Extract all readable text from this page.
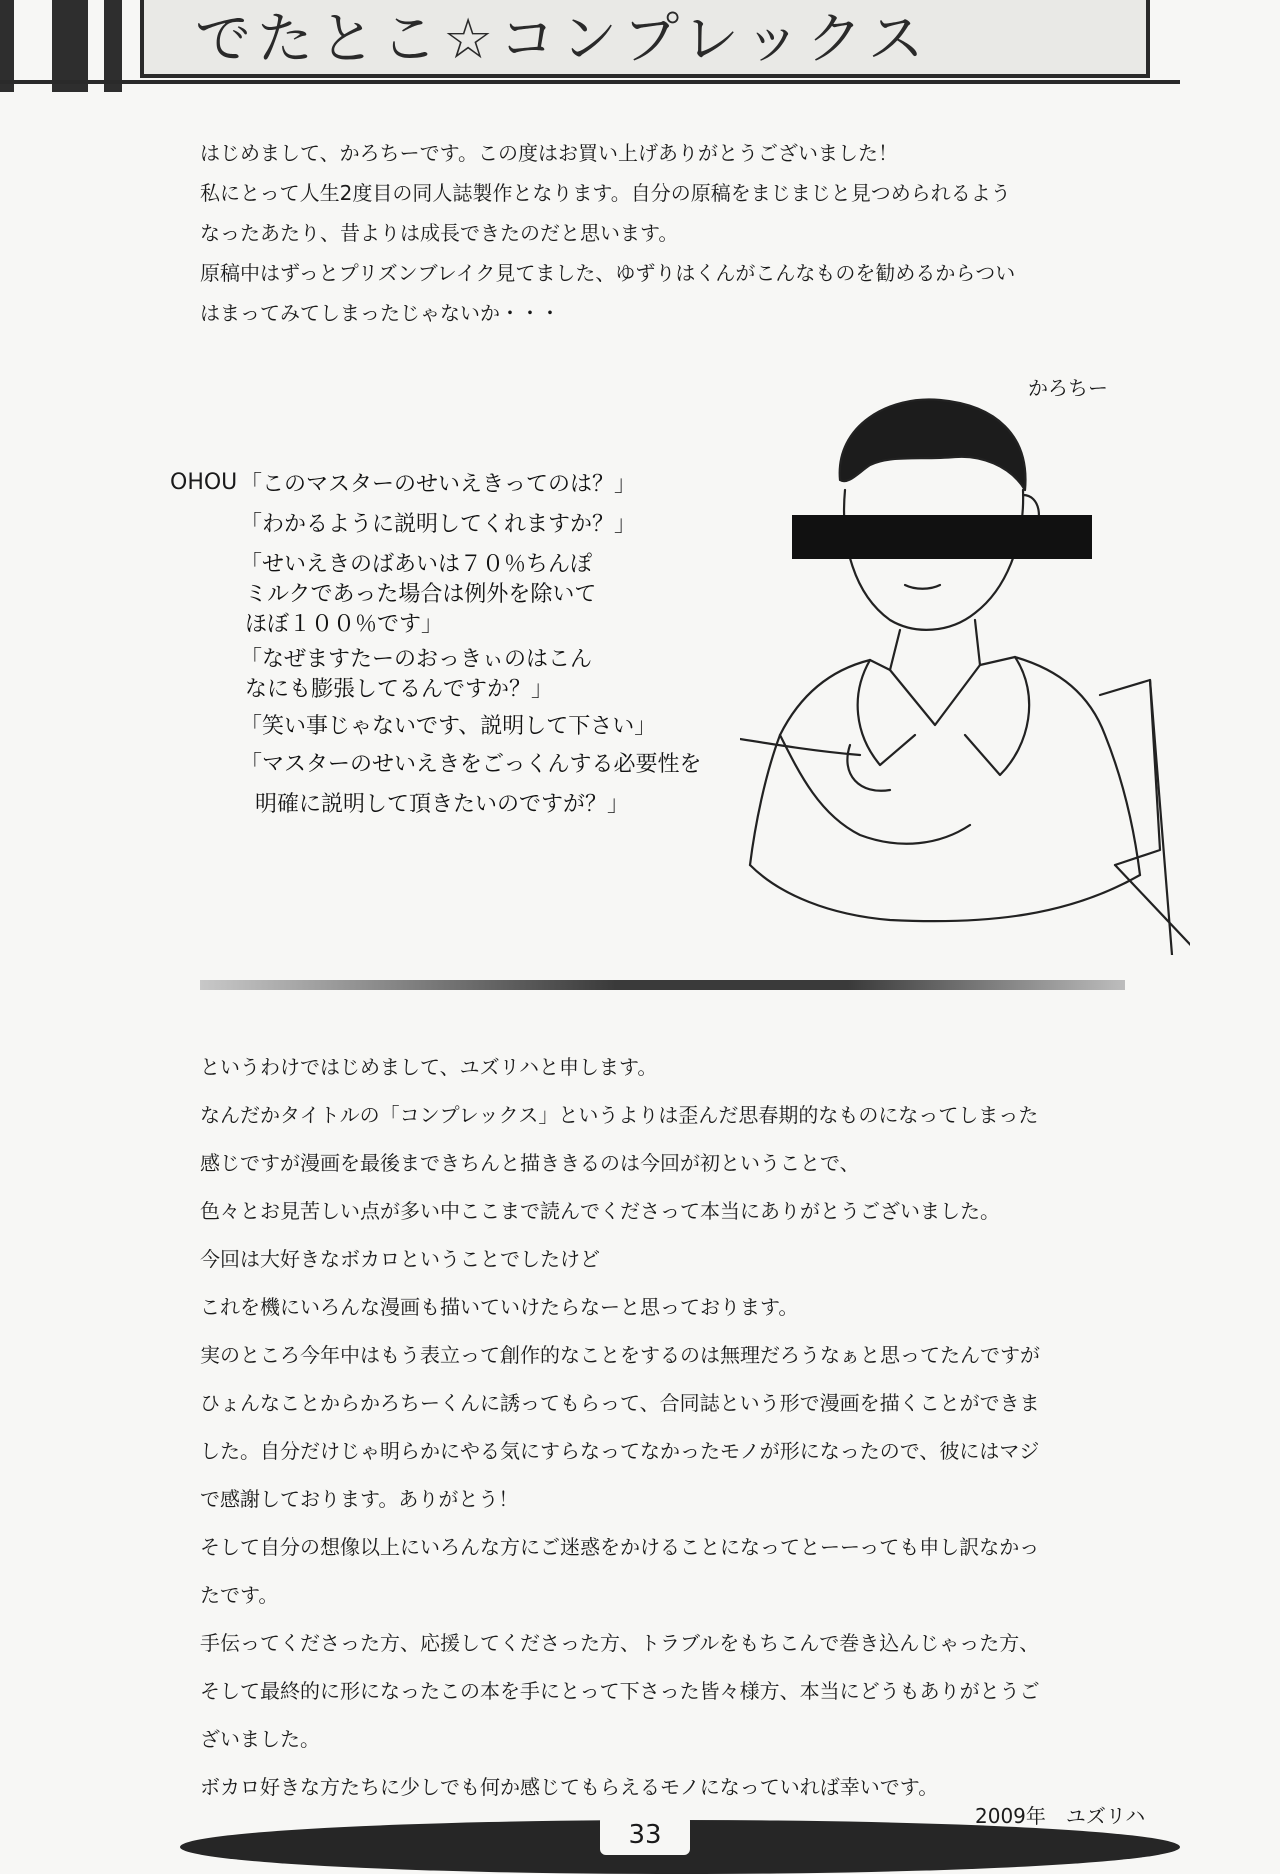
でたとこ☆コンプレックス
はじめまして、かろちーです。この度はお買い上げありがとうございました！
私にとって人生2度目の同人誌製作となります。自分の原稿をまじまじと見つめられるよう
なったあたり、昔よりは成長できたのだと思います。
原稿中はずっとプリズンブレイク見てました、ゆずりはくんがこんなものを勧めるからつい
はまってみてしまったじゃないか・・・
かろちー
OHOU 「このマスターのせいえきってのは？」
「わかるように説明してくれますか？」
「せいえきのばあいは７０％ちんぽ
ミルクであった場合は例外を除いて
ほぼ１００％です」
「なぜますたーのおっきぃのはこん
なにも膨張してるんですか？」
「笑い事じゃないです、説明して下さい」
「マスターのせいえきをごっくんする必要性を
明確に説明して頂きたいのですが？」
というわけではじめまして、ユズリハと申します。
なんだかタイトルの「コンプレックス」というよりは歪んだ思春期的なものになってしまった
感じですが漫画を最後まできちんと描ききるのは今回が初ということで、
色々とお見苦しい点が多い中ここまで読んでくださって本当にありがとうございました。
今回は大好きなボカロということでしたけど
これを機にいろんな漫画も描いていけたらなーと思っております。
実のところ今年中はもう表立って創作的なことをするのは無理だろうなぁと思ってたんですが
ひょんなことからかろちーくんに誘ってもらって、合同誌という形で漫画を描くことができま
した。自分だけじゃ明らかにやる気にすらなってなかったモノが形になったので、彼にはマジ
で感謝しております。ありがとう！
そして自分の想像以上にいろんな方にご迷惑をかけることになってとーーっても申し訳なかっ
たです。
手伝ってくださった方、応援してくださった方、トラブルをもちこんで巻き込んじゃった方、
そして最終的に形になったこの本を手にとって下さった皆々様方、本当にどうもありがとうご
ざいました。
ボカロ好きな方たちに少しでも何か感じてもらえるモノになっていれば幸いです。
2009年　ユズリハ
33
